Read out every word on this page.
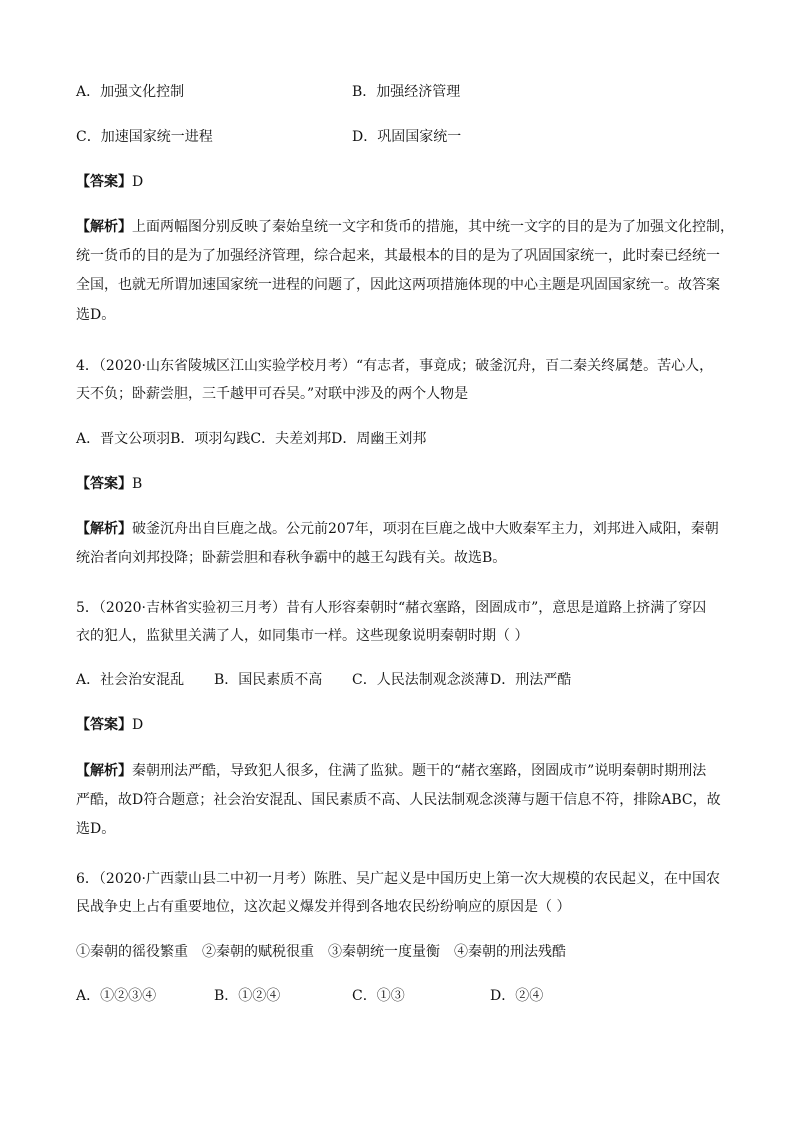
A．加强文化控制	B．加强经济管理
C．加速国家统一进程	D．巩固国家统一
【答案】D
【解析】上面两幅图分别反映了秦始皇统一文字和货币的措施，其中统一文字的目的是为了加强文化控制，
统一货币的目的是为了加强经济管理，综合起来，其最根本的目的是为了巩固国家统一，此时秦已经统一
全国，也就无所谓加速国家统一进程的问题了，因此这两项措施体现的中心主题是巩固国家统一。故答案
选D。
4．（2020·山东省陵城区江山实验学校月考）“有志者，事竟成；破釜沉舟，百二秦关终属楚。苦心人，
天不负；卧薪尝胆，三千越甲可吞吴。”对联中涉及的两个人物是
A．晋文公项羽B．项羽勾践C．夫差刘邦D．周幽王刘邦
【答案】B
【解析】破釜沉舟出自巨鹿之战。公元前207年，项羽在巨鹿之战中大败秦军主力，刘邦进入咸阳，秦朝
统治者向刘邦投降；卧薪尝胆和春秋争霸中的越王勾践有关。故选B。
5．（2020·吉林省实验初三月考）昔有人形容秦朝时“赭衣塞路，囹圄成市”，意思是道路上挤满了穿囚
衣的犯人，监狱里关满了人，如同集市一样。这些现象说明秦朝时期（ ）
A．社会治安混乱 B．国民素质不高 C．人民法制观念淡薄 D．刑法严酷
【答案】D
【解析】秦朝刑法严酷，导致犯人很多，住满了监狱。题干的“赭衣塞路，囹圄成市”说明秦朝时期刑法
严酷，故D符合题意；社会治安混乱、国民素质不高、人民法制观念淡薄与题干信息不符，排除ABC，故
选D。
6．（2020·广西蒙山县二中初一月考）陈胜、吴广起义是中国历史上第一次大规模的农民起义，在中国农
民战争史上占有重要地位，这次起义爆发并得到各地农民纷纷响应的原因是（ ）
①秦朝的徭役繁重　②秦朝的赋税很重　③秦朝统一度量衡　④秦朝的刑法残酷
A．①②③④	B．①②④	C．①③	D．②④
